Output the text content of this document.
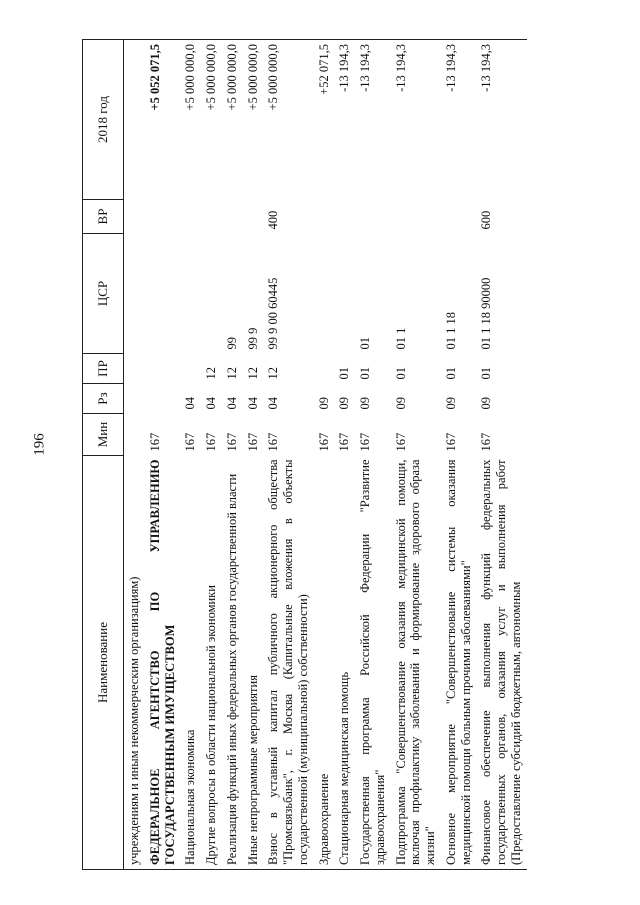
196
Наименование	Мин	Рз	ПР	ЦСР	ВР	2018 год
учреждениям и иным некоммерческим организациям)						
ФЕДЕРАЛЬНОЕ АГЕНТСТВО ПО УПРАВЛЕНИЮ ГОСУДАРСТВЕННЫМ ИМУЩЕСТВОМ	167					+5 052 071,5
Национальная экономика	167	04				+5 000 000,0
Другие вопросы в области национальной экономики	167	04	12			+5 000 000,0
Реализация функций иных федеральных органов государственной власти	167	04	12	99		+5 000 000,0
Иные непрограммные мероприятия	167	04	12	99 9		+5 000 000,0
Взнос в уставный капитал публичного акционерного общества "Промсвязьбанк", г. Москва (Капитальные вложения в объекты государственной (муниципальной) собственности)	167	04	12	99 9 00 60445	400	+5 000 000,0
Здравоохранение	167	09				+52 071,5
Стационарная медицинская помощь	167	09	01			-13 194,3
Государственная программа Российской Федерации "Развитие здравоохранения"	167	09	01	01		-13 194,3
Подпрограмма "Совершенствование оказания медицинской помощи, включая профилактику заболеваний и формирование здорового образа жизни"	167	09	01	01 1		-13 194,3
Основное мероприятие "Совершенствование системы оказания медицинской помощи больным прочими заболеваниями"	167	09	01	01 1 18		-13 194,3
Финансовое обеспечение выполнения функций федеральных государственных органов, оказания услуг и выполнения работ (Предоставление субсидий бюджетным, автономным	167	09	01	01 1 18 90000	600	-13 194,3
